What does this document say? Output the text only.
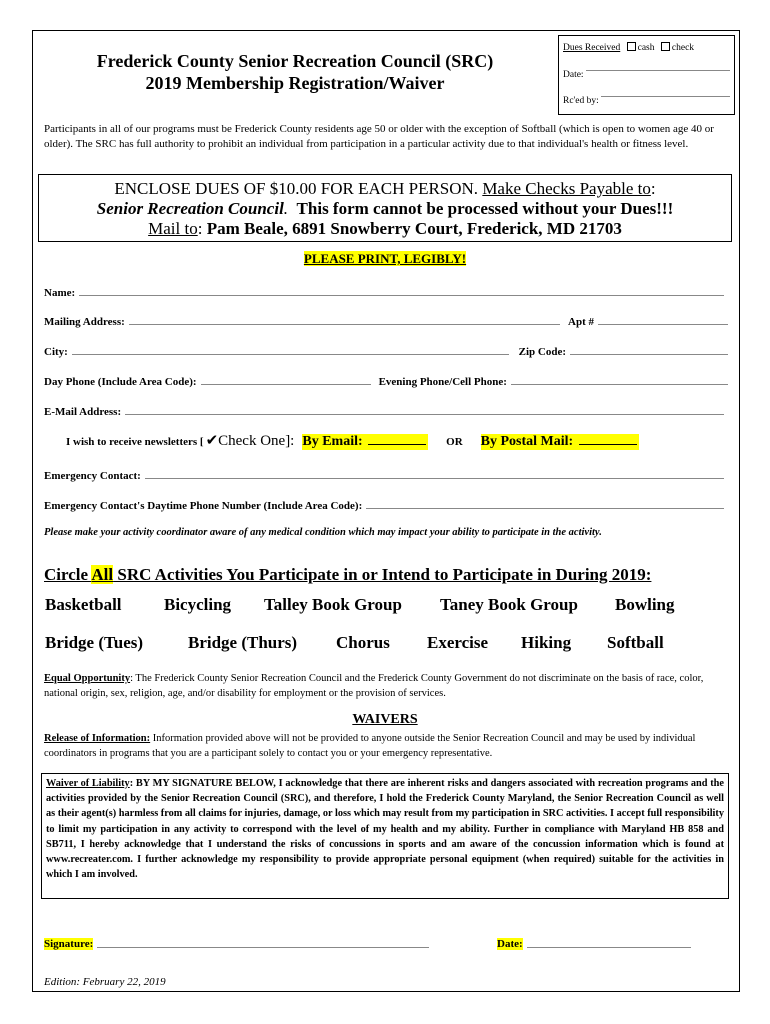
Frederick County Senior Recreation Council (SRC)
2019 Membership Registration/Waiver
Dues Received cash check
Date:
Rc'ed by:
Participants in all of our programs must be Frederick County residents age 50 or older with the exception of Softball (which is open to women age 40 or older). The SRC has full authority to prohibit an individual from participation in a particular activity due to that individual's health or fitness level.
ENCLOSE DUES OF $10.00 FOR EACH PERSON. Make Checks Payable to:
Senior Recreation Council. This form cannot be processed without your Dues!!!
Mail to: Pam Beale, 6891 Snowberry Court, Frederick, MD 21703
PLEASE PRINT, LEGIBLY!
Name:
Mailing Address:	Apt #
City:	Zip Code:
Day Phone (Include Area Code):	Evening Phone/Cell Phone:
E-Mail Address:
I wish to receive newsletters [ ✔Check One]: By Email:	OR By Postal Mail:
Emergency Contact:
Emergency Contact's Daytime Phone Number (Include Area Code):
Please make your activity coordinator aware of any medical condition which may impact your ability to participate in the activity.
Circle All SRC Activities You Participate in or Intend to Participate in During 2019:
Basketball Bicycling Talley Book Group Taney Book Group Bowling
Bridge (Tues)	Bridge (Thurs) Chorus Exercise Hiking Softball
Equal Opportunity: The Frederick County Senior Recreation Council and the Frederick County Government do not discriminate on the basis of race, color, national origin, sex, religion, age, and/or disability for employment or the provision of services.
WAIVERS
Release of Information: Information provided above will not be provided to anyone outside the Senior Recreation Council and may be used by individual coordinators in programs that you are a participant solely to contact you or your emergency representative.
Waiver of Liability: BY MY SIGNATURE BELOW, I acknowledge that there are inherent risks and dangers associated with recreation programs and the activities provided by the Senior Recreation Council (SRC), and therefore, I hold the Frederick County Maryland, the Senior Recreation Council as well as their agent(s) harmless from all claims for injuries, damage, or loss which may result from my participation in SRC activities. I accept full responsibility to limit my participation in any activity to correspond with the level of my health and my ability. Further in compliance with Maryland HB 858 and SB711, I hereby acknowledge that I understand the risks of concussions in sports and am aware of the concussion information which is found at www.recreater.com. I further acknowledge my responsibility to provide appropriate personal equipment (when required) suitable for the activities in which I am involved.
Signature:	Date:
Edition: February 22, 2019
